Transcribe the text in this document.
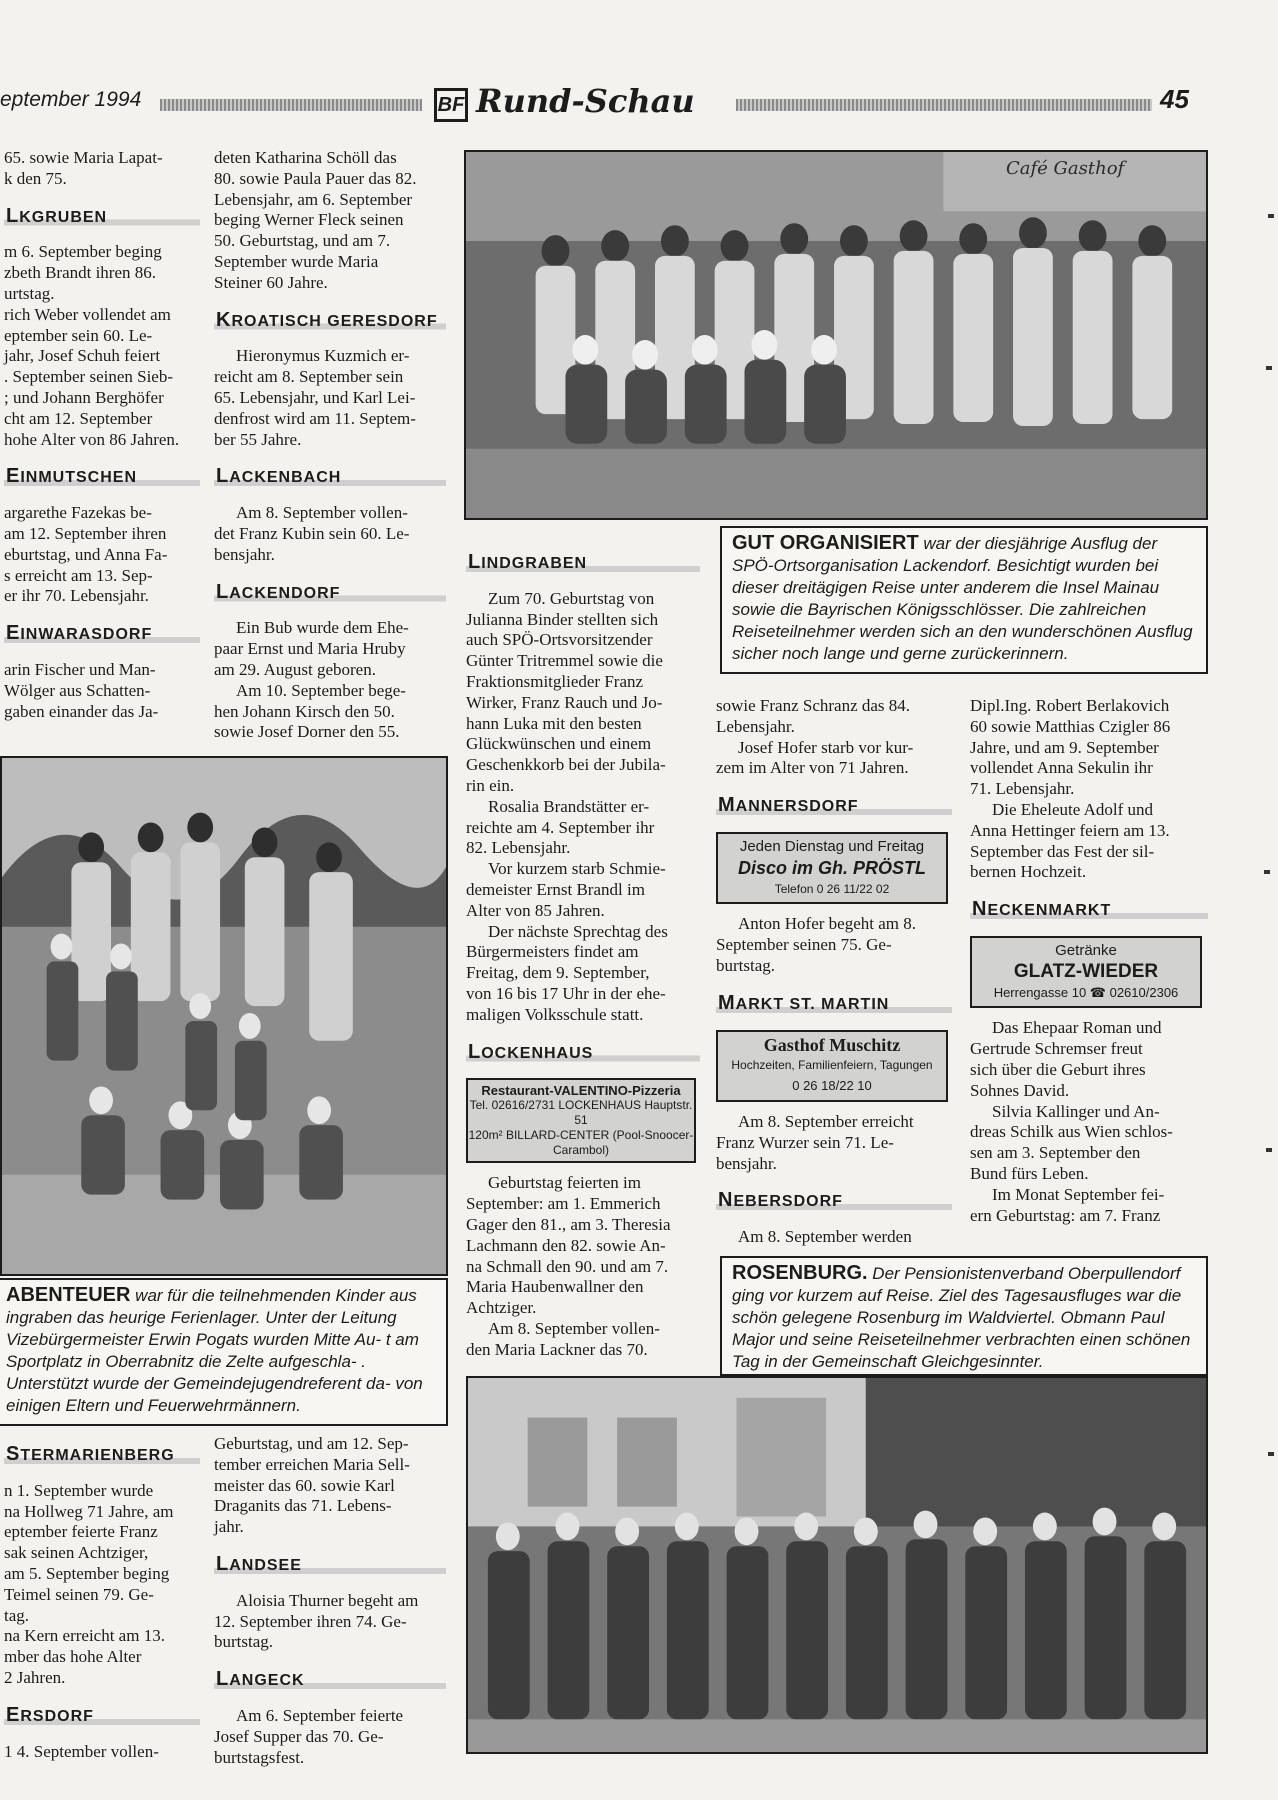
eptember 1994	BF Rund-Schau	45

65. sowie Maria Lapat-

k den 75.

LKGRUBEN

m 6. September beging

zbeth Brandt ihren 86.

urtstag.

rich Weber vollendet am

eptember sein 60. Le-

jahr, Josef Schuh feiert

. September seinen Sieb-

; und Johann Berghöfer

cht am 12. September

hohe Alter von 86 Jahren.

EINMUTSCHEN

argarethe Fazekas be-

am 12. September ihren

eburtstag, und Anna Fa-

s erreicht am 13. Sep-

er ihr 70. Lebensjahr.

EINWARASDORF

arin Fischer und Man-

Wölger aus Schatten-

gaben einander das Ja-

deten Katharina Schöll das

80. sowie Paula Pauer das 82.

Lebensjahr, am 6. September

beging Werner Fleck seinen

50. Geburtstag, und am 7.

September wurde Maria

Steiner 60 Jahre.

KROATISCH GERESDORF

Hieronymus Kuzmich er-

reicht am 8. September sein

65. Lebensjahr, und Karl Lei-

denfrost wird am 11. Septem-

ber 55 Jahre.

LACKENBACH

Am 8. September vollen-

det Franz Kubin sein 60. Le-

bensjahr.

LACKENDORF

Ein Bub wurde dem Ehe-

paar Ernst und Maria Hruby

am 29. August geboren.

Am 10. September bege-

hen Johann Kirsch den 50.

sowie Josef Dorner den 55.

Café Gasthof
GUT ORGANISIERT war der diesjährige Ausflug der SPÖ-Ortsorganisation Lackendorf. Besichtigt wurden bei dieser dreitägigen Reise unter anderem die Insel Mainau sowie die Bayrischen Königsschlösser. Die zahlreichen Reiseteilnehmer werden sich an den wunderschönen Ausflug sicher noch lange und gerne zurückerinnern.
LINDGRABEN

Zum 70. Geburtstag von

Julianna Binder stellten sich

auch SPÖ-Ortsvorsitzender

Günter Tritremmel sowie die

Fraktionsmitglieder Franz

Wirker, Franz Rauch und Jo-

hann Luka mit den besten

Glückwünschen und einem

Geschenkkorb bei der Jubila-

rin ein.

Rosalia Brandstätter er-

reichte am 4. September ihr

82. Lebensjahr.

Vor kurzem starb Schmie-

demeister Ernst Brandl im

Alter von 85 Jahren.

Der nächste Sprechtag des

Bürgermeisters findet am

Freitag, dem 9. September,

von 16 bis 17 Uhr in der ehe-

maligen Volksschule statt.

LOCKENHAUS
Restaurant-VALENTINO-Pizzeria
Tel. 02616/2731 LOCKENHAUS Hauptstr. 51
120m² BILLARD-CENTER (Pool-Snoocer-Carambol)

Geburtstag feierten im

September: am 1. Emmerich

Gager den 81., am 3. Theresia

Lachmann den 82. sowie An-

na Schmall den 90. und am 7.

Maria Haubenwallner den

Achtziger.

Am 8. September vollen-

den Maria Lackner das 70.

sowie Franz Schranz das 84.

Lebensjahr.

Josef Hofer starb vor kur-

zem im Alter von 71 Jahren.

MANNERSDORF
Jeden Dienstag und Freitag
Disco im Gh. PRÖSTL
Telefon 0 26 11/22 02

Anton Hofer begeht am 8.

September seinen 75. Ge-

burtstag.

MARKT ST. MARTIN
Gasthof Muschitz
Hochzeiten, Familienfeiern, Tagungen
0 26 18/22 10

Am 8. September erreicht

Franz Wurzer sein 71. Le-

bensjahr.

NEBERSDORF

Am 8. September werden

Dipl.Ing. Robert Berlakovich

60 sowie Matthias Czigler 86

Jahre, und am 9. September

vollendet Anna Sekulin ihr

71. Lebensjahr.

Die Eheleute Adolf und

Anna Hettinger feiern am 13.

September das Fest der sil-

bernen Hochzeit.

NECKENMARKT
Getränke
GLATZ-WIEDER
Herrengasse 10 ☎ 02610/2306

Das Ehepaar Roman und

Gertrude Schremser freut

sich über die Geburt ihres

Sohnes David.

Silvia Kallinger und An-

dreas Schilk aus Wien schlos-

sen am 3. September den

Bund fürs Leben.

Im Monat September fei-

ern Geburtstag: am 7. Franz

ABENTEUER war für die teilnehmenden Kinder aus ingraben das heurige Ferienlager. Unter der Leitung Vizebürgermeister Erwin Pogats wurden Mitte Au- t am Sportplatz in Oberrabnitz die Zelte aufgeschla- . Unterstützt wurde der Gemeindejugendreferent da- von einigen Eltern und Feuerwehrmännern.
ROSENBURG. Der Pensionistenverband Oberpullendorf ging vor kurzem auf Reise. Ziel des Tagesausfluges war die schön gelegene Rosenburg im Waldviertel. Obmann Paul Major und seine Reiseteilnehmer verbrachten einen schönen Tag in der Gemeinschaft Gleichgesinnter.
STERMARIENBERG

n 1. September wurde

na Hollweg 71 Jahre, am

eptember feierte Franz

sak seinen Achtziger,

am 5. September beging

Teimel seinen 79. Ge-

tag.

na Kern erreicht am 13.

mber das hohe Alter

2 Jahren.

ERSDORF

1 4. September vollen-

Geburtstag, und am 12. Sep-

tember erreichen Maria Sell-

meister das 60. sowie Karl

Draganits das 71. Lebens-

jahr.

LANDSEE

Aloisia Thurner begeht am

12. September ihren 74. Ge-

burtstag.

LANGECK

Am 6. September feierte

Josef Supper das 70. Ge-

burtstagsfest.
